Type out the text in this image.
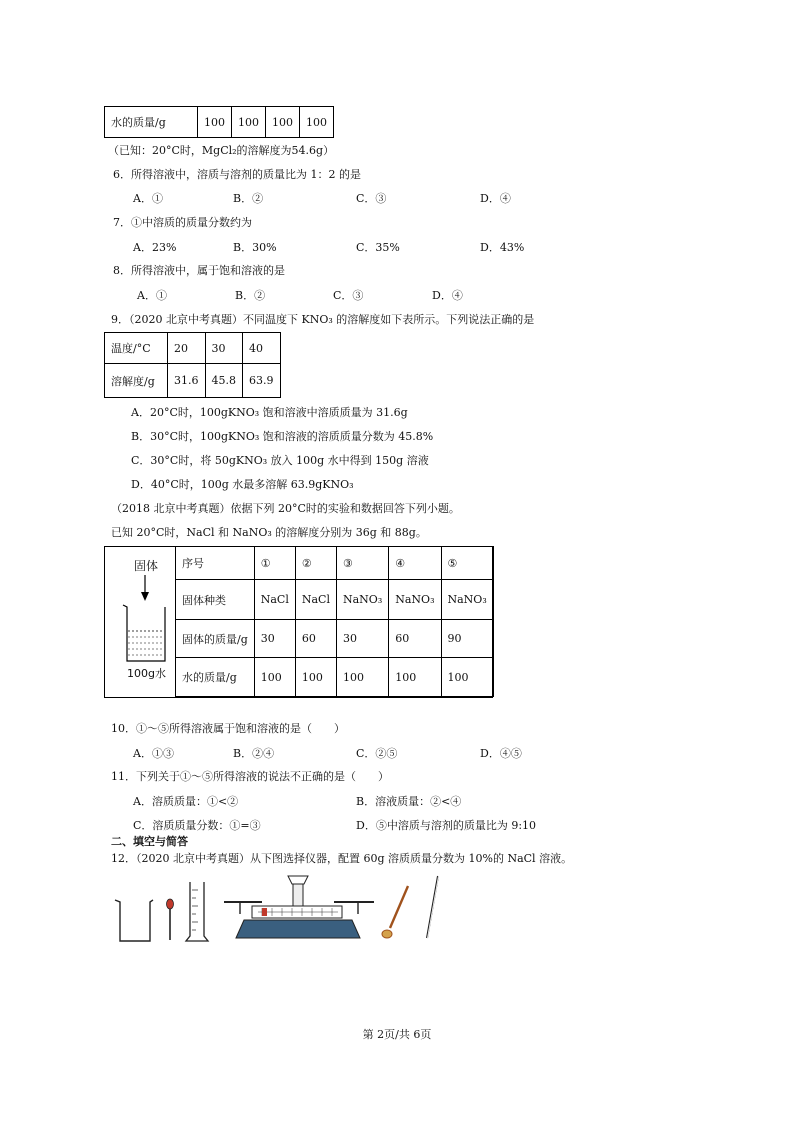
水的质量/g	100	100	100	100
（已知：20°C时，MgCl₂的溶解度为54.6g）
6．所得溶液中，溶质与溶剂的质量比为 1：2 的是
A．①	B．②	C．③	D．④
7．①中溶质的质量分数约为
A．23%	B．30%	C．35%	D．43%
8．所得溶液中，属于饱和溶液的是
A．①	B．②	C．③	D．④
9．（2020 北京中考真题）不同温度下 KNO₃ 的溶解度如下表所示。下列说法正确的是
温度/°C	20	30	40
溶解度/g	31.6	45.8	63.9
A．20°C时，100gKNO₃ 饱和溶液中溶质质量为 31.6g
B．30°C时，100gKNO₃ 饱和溶液的溶质质量分数为 45.8%
C．30°C时，将 50gKNO₃ 放入 100g 水中得到 150g 溶液
D．40°C时，100g 水最多溶解 63.9gKNO₃
（2018 北京中考真题）依据下列 20°C时的实验和数据回答下列小题。
已知 20°C时，NaCl 和 NaNO₃ 的溶解度分别为 36g 和 88g。
固体
100g水
序号	①	②	③	④	⑤
固体种类	NaCl	NaCl	NaNO₃	NaNO₃	NaNO₃
固体的质量/g	30	60	30	60	90
水的质量/g	100	100	100	100	100
10．①～⑤所得溶液属于饱和溶液的是（　　）
A．①③	B．②④	C．②⑤	D．④⑤
11．下列关于①～⑤所得溶液的说法不正确的是（　　）
A．溶质质量：①<②	B．溶液质量：②<④
C．溶质质量分数：①=③	D．⑤中溶质与溶剂的质量比为 9:10
二、填空与简答
12．（2020 北京中考真题）从下图选择仪器，配置 60g 溶质质量分数为 10%的 NaCl 溶液。
第 2页/共 6页
